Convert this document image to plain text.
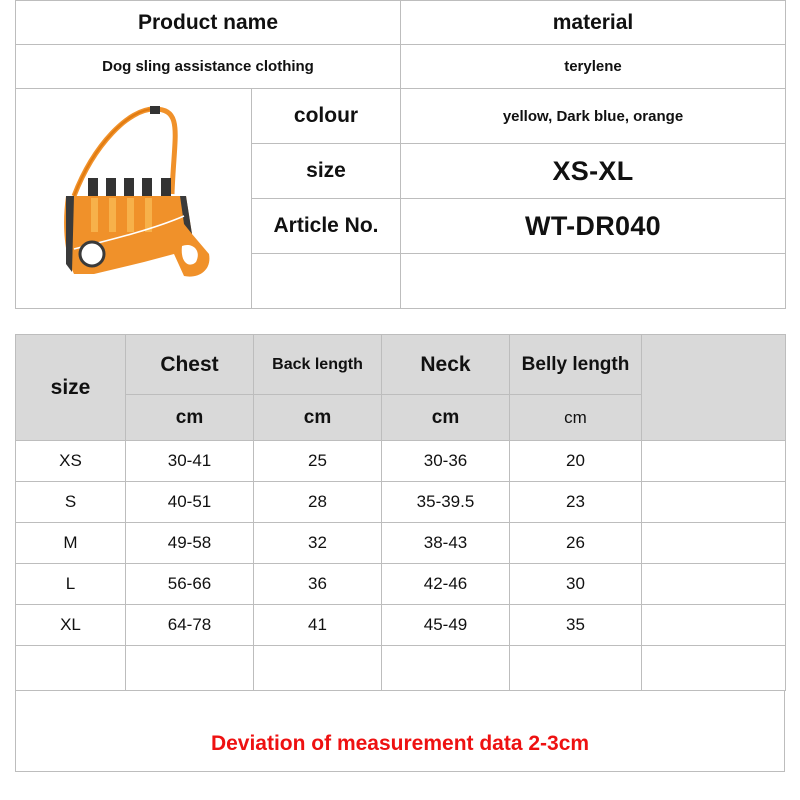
Product name		material
Dog sling assistance clothing		terylene

	colour	yellow, Dark blue, orange
	size	XS-XL
	Article No.	WT-DR040

size	Chest	Back length	Neck	Belly length	
	cm	cm	cm	cm	
XS	30-41	25	30-36	20	
S	40-51	28	35-39.5	23	
M	49-58	32	38-43	26	
L	56-66	36	42-46	30	
XL	64-78	41	45-49	35	

Deviation of measurement data 2-3cm
